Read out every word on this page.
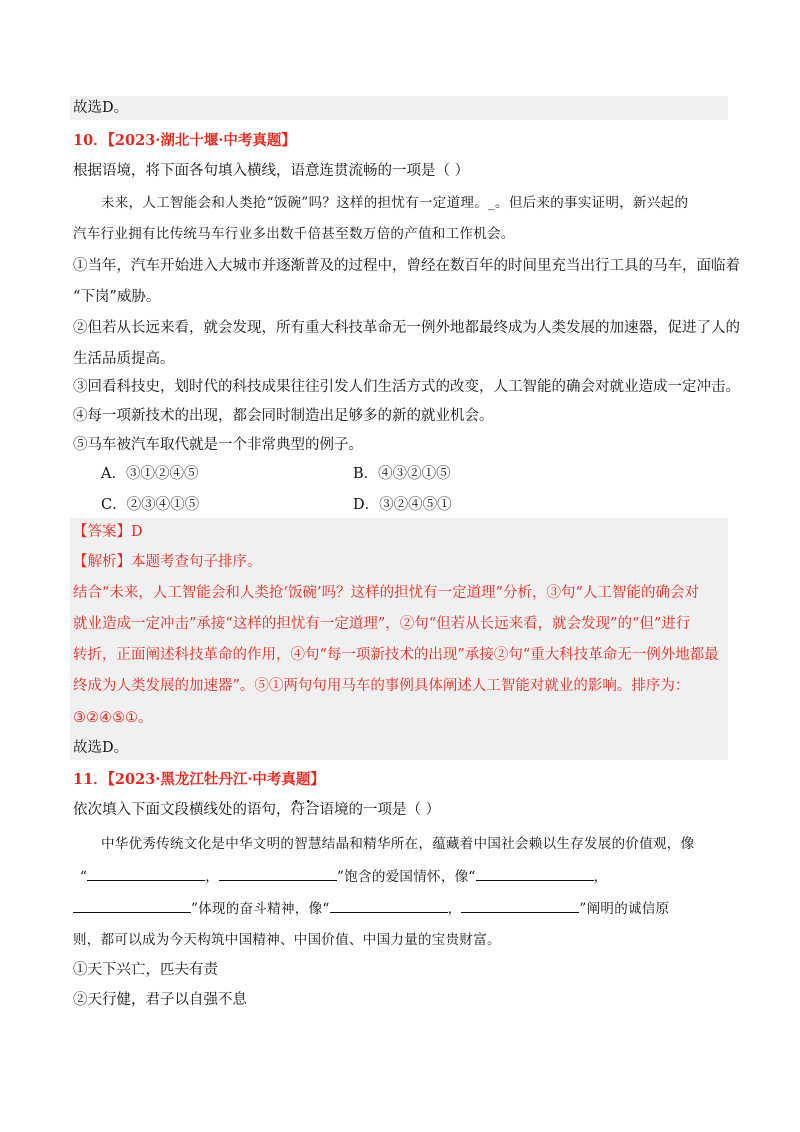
故选D。
10．【2023·湖北十堰·中考真题】
根据语境，将下面各句填入横线，语意连贯流畅的一项是（ ）
未来，人工智能会和人类抢“饭碗”吗？这样的担忧有一定道理。_。但后来的事实证明，新兴起的
汽车行业拥有比传统马车行业多出数千倍甚至数万倍的产值和工作机会。
①当年，汽车开始进入大城市并逐渐普及的过程中，曾经在数百年的时间里充当出行工具的马车，面临着
“下岗”威胁。
②但若从长远来看，就会发现，所有重大科技革命无一例外地都最终成为人类发展的加速器，促进了人的
生活品质提高。
③回看科技史，划时代的科技成果往往引发人们生活方式的改变，人工智能的确会对就业造成一定冲击。
④每一项新技术的出现，都会同时制造出足够多的新的就业机会。
⑤马车被汽车取代就是一个非常典型的例子。
A．③①②④⑤	B．④③②①⑤
C．②③④①⑤	D．③②④⑤①
【答案】D
【解析】本题考查句子排序。
结合“未来，人工智能会和人类抢‘饭碗’吗？这样的担忧有一定道理”分析，③句“人工智能的确会对
就业造成一定冲击”承接“这样的担忧有一定道理”，②句“但若从长远来看，就会发现”的“但”进行
转折，正面阐述科技革命的作用，④句“每一项新技术的出现”承接②句“重大科技革命无一例外地都最
终成为人类发展的加速器”。⑤①两句句用马车的事例具体阐述人工智能对就业的影响。排序为：
③②④⑤①。
故选D。
11．【2023·黑龙江牡丹江·中考真题】
依次填入下面文段横线处的语句，• • 符合语境的一项是（ ）
中华优秀传统文化是中华文明的智慧结晶和精华所在，蕴藏着中国社会赖以生存发展的价值观，像
“	，	”饱含的爱国情怀，像“	，
”体现的奋斗精神，像“	，	”阐明的诚信原
则，都可以成为今天构筑中国精神、中国价值、中国力量的宝贵财富。
①天下兴亡，匹夫有责
②天行健，君子以自强不息
